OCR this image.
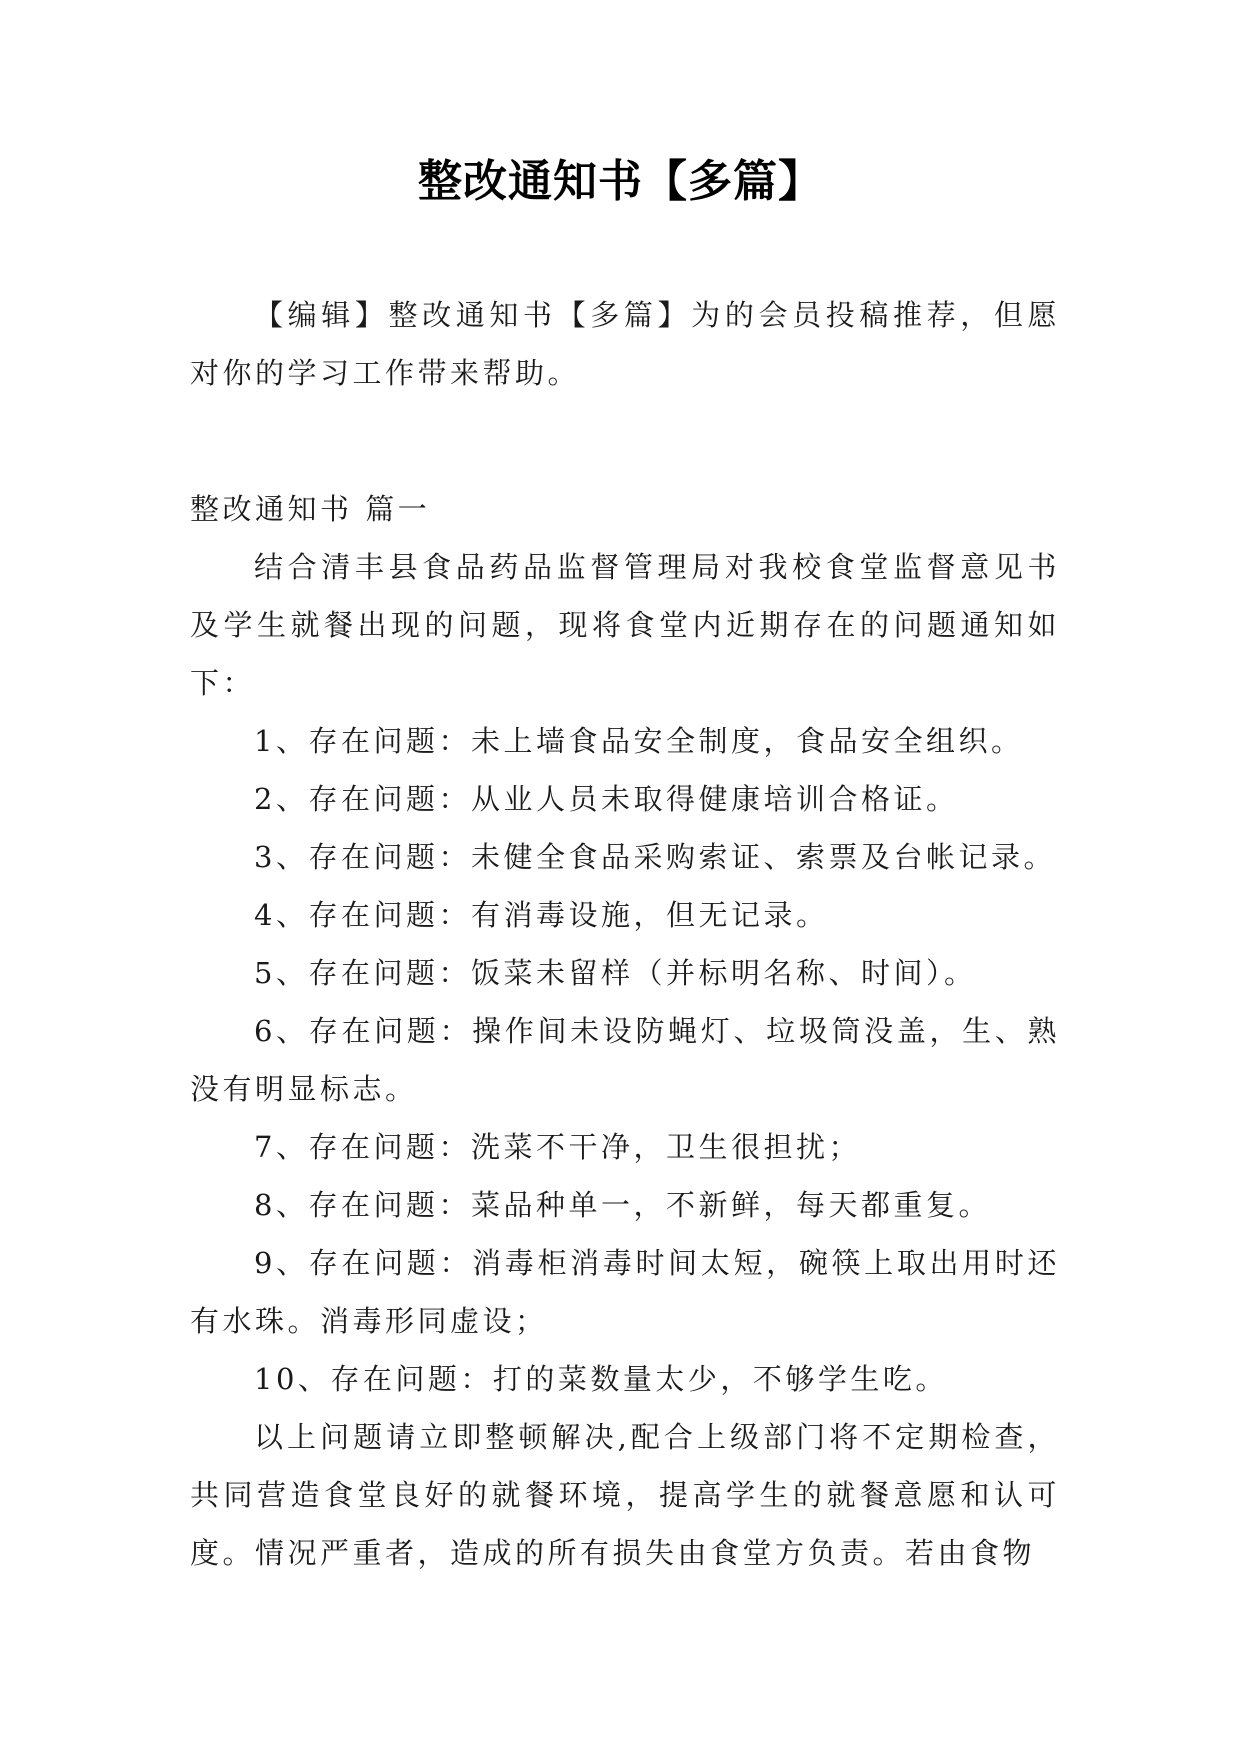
整改通知书【多篇】

【编辑】整改通知书【多篇】为的会员投稿推荐，但愿对你的学习工作带来帮助。

整改通知书 篇一

结合清丰县食品药品监督管理局对我校食堂监督意见书及学生就餐出现的问题，现将食堂内近期存在的问题通知如下：

1、存在问题：未上墙食品安全制度，食品安全组织。

2、存在问题：从业人员未取得健康培训合格证。

3、存在问题：未健全食品采购索证、索票及台帐记录。

4、存在问题：有消毒设施，但无记录。

5、存在问题：饭菜未留样（并标明名称、时间）。

6、存在问题：操作间未设防蝇灯、垃圾筒没盖，生、熟没有明显标志。

7、存在问题：洗菜不干净，卫生很担扰；

8、存在问题：菜品种单一，不新鲜，每天都重复。

9、存在问题：消毒柜消毒时间太短，碗筷上取出用时还有水珠。消毒形同虚设；

10、存在问题：打的菜数量太少，不够学生吃。

以上问题请立即整顿解决,配合上级部门将不定期检查，共同营造食堂良好的就餐环境，提高学生的就餐意愿和认可度。情况严重者，造成的所有损失由食堂方负责。若由食物
